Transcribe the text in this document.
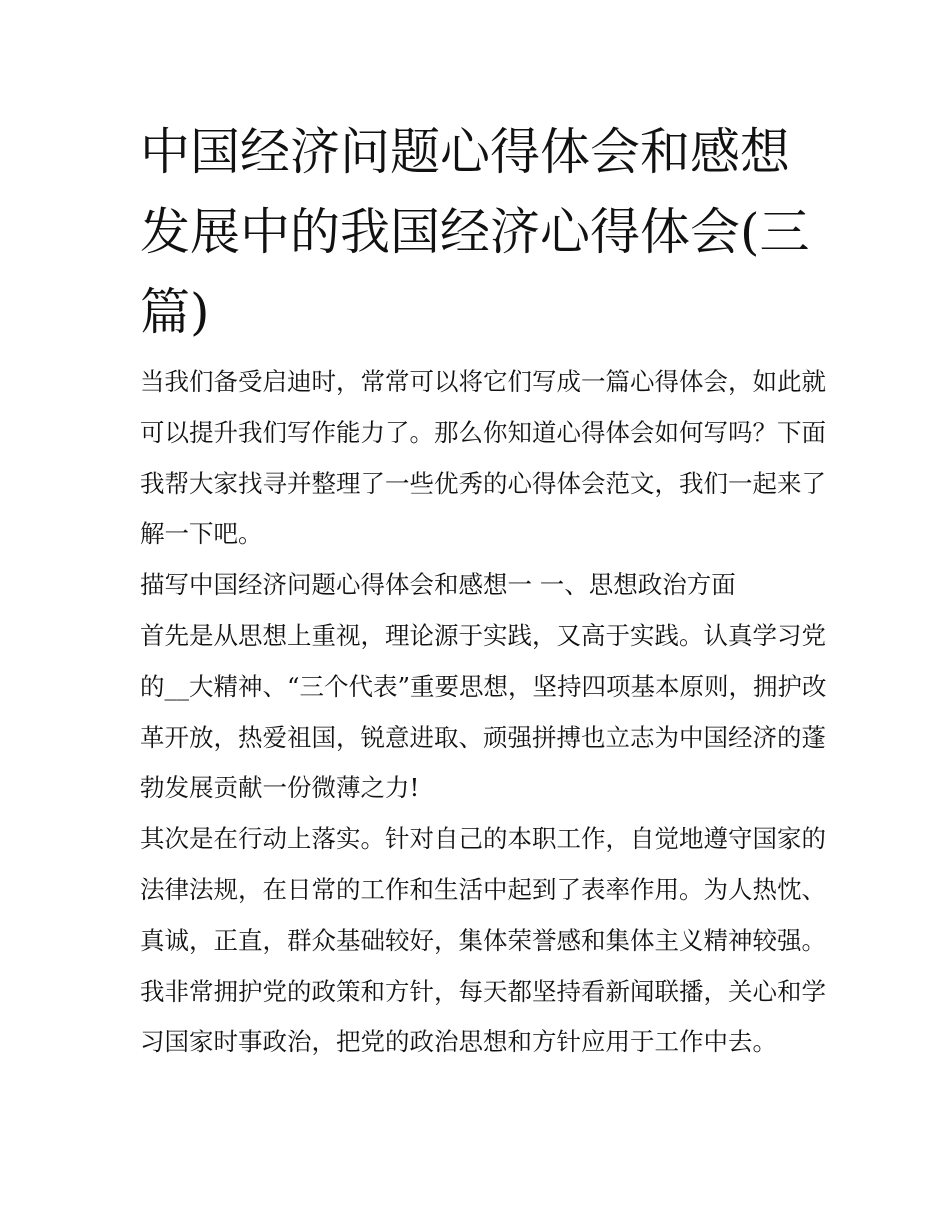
中国经济问题心得体会和感想发展中的我国经济心得体会(三篇)

当我们备受启迪时，常常可以将它们写成一篇心得体会，如此就可以提升我们写作能力了。那么你知道心得体会如何写吗？下面我帮大家找寻并整理了一些优秀的心得体会范文，我们一起来了解一下吧。

描写中国经济问题心得体会和感想一 一、思想政治方面

首先是从思想上重视，理论源于实践，又高于实践。认真学习党的__大精神、“三个代表”重要思想，坚持四项基本原则，拥护改革开放，热爱祖国，锐意进取、顽强拼搏也立志为中国经济的蓬勃发展贡献一份微薄之力!

其次是在行动上落实。针对自己的本职工作，自觉地遵守国家的法律法规，在日常的工作和生活中起到了表率作用。为人热忱、真诚，正直，群众基础较好，集体荣誉感和集体主义精神较强。我非常拥护党的政策和方针，每天都坚持看新闻联播，关心和学习国家时事政治，把党的政治思想和方针应用于工作中去。
